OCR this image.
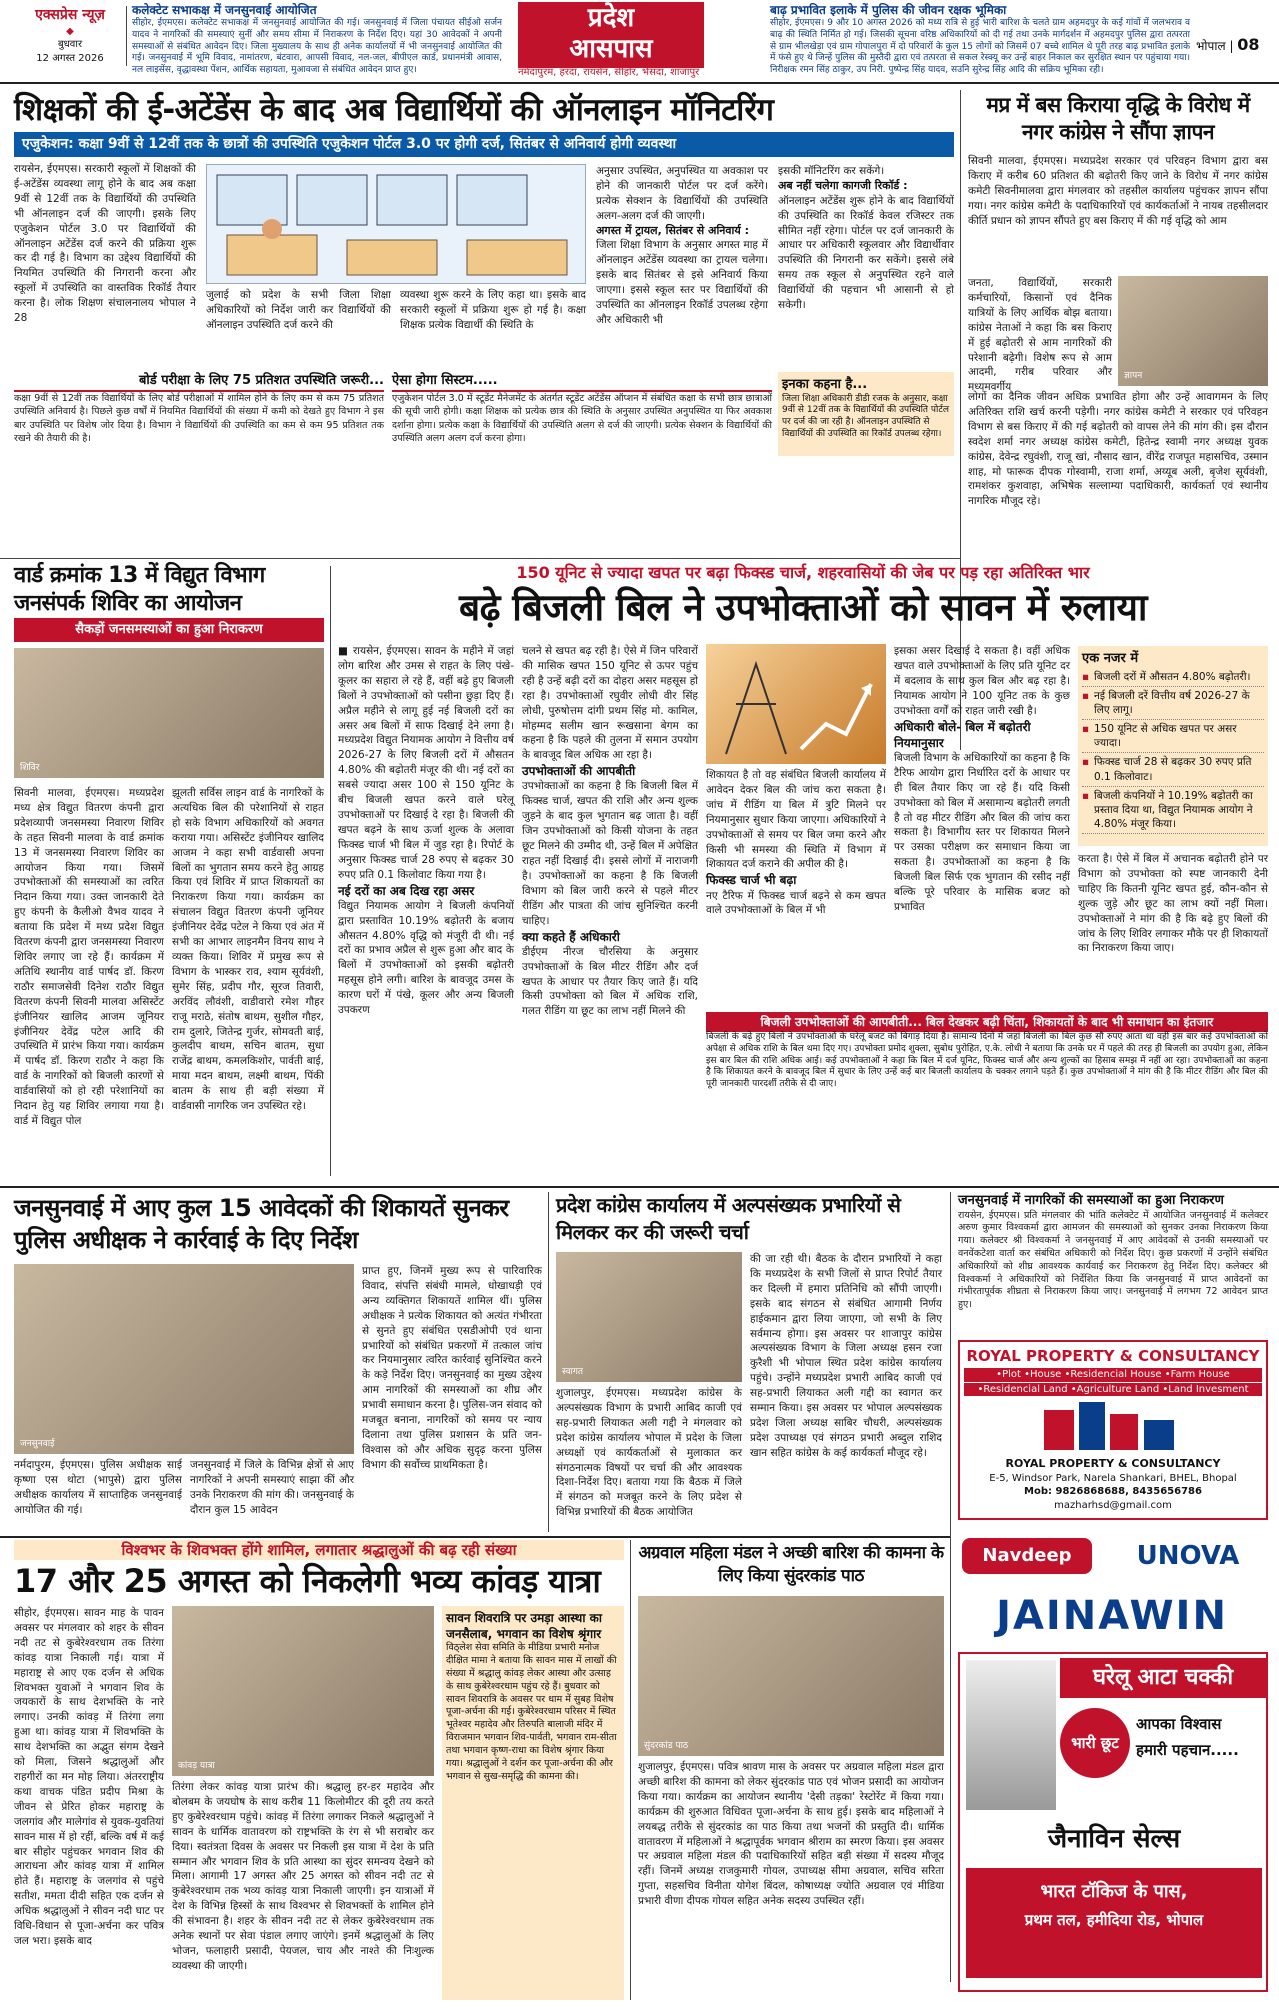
एक्सप्रेस न्यूज़
◆
बुधवार
12 अगस्त 2026
कलेक्टेट सभाकक्ष में जनसुनवाई आयोजित
सीहोर, ईएमएस। कलेक्टेट सभाकक्ष में जनसुनवाई आयोजित की गई। जनसुनवाई में जिला पंचायत सीईओ सर्जन यादव ने नागरिकों की समस्याएं सुनीं और समय सीमा में निराकरण के निर्देश दिए। यहां 30 आवेदकों ने अपनी समस्याओं से संबंधित आवेदन दिए। जिला मुख्यालय के साथ ही अनेक कार्यालयों में भी जनसुनवाई आयोजित की गई। जनसुनवाई में भूमि विवाद, नामांतरण, बंटवारा, आपसी विवाद, नल-जल, बीपीएल कार्ड, प्रधानमंत्री आवास, नल लाइसेंस, वृद्धावस्था पेंशन, आर्थिक सहायता, मुआवजा से संबंधित आवेदन प्राप्त हुए।
प्रदेश
आसपास
बाढ़ प्रभावित इलाके में पुलिस की जीवन रक्षक भूमिका
सीहोर, ईएमएस। 9 और 10 अगस्त 2026 को मध्य रात्रि से हुई भारी बारिश के चलते ग्राम अहमदपुर के कई गांवों में जलभराव व बाढ़ की स्थिति निर्मित हो गई। जिसकी सूचना वरिष्ठ अधिकारियों को दी गई तथा उनके मार्गदर्शन में अहमदपुर पुलिस द्वारा तत्परता से ग्राम भीलखेड़ा एवं ग्राम गोपालपुरा में दो परिवारों के कुल 15 लोगों को जिसमें 07 बच्चे शामिल थे पूरी तरह बाढ़ प्रभावित इलाके में फंसे हुए थे जिन्हें पुलिस की मुस्तैदी द्वारा एवं तत्परता से सकल रेस्क्यू कर उन्हें बाहर निकाल कर सुरक्षित स्थान पर पहुंचाया गया। निरीक्षक रमन सिंह ठाकुर, उप निरी. पुष्पेन्द्र सिंह यादव, सउनि सुरेन्द्र सिंह आदि की सक्रिय भूमिका रही।
भोपाल | 08
नर्मदापुरम, हरदा, रायसेन, सीहोर, भैसदा, शाजापुर
शिक्षकों की ई-अटेंडेंस के बाद अब विद्यार्थियों की ऑनलाइन मॉनिटरिंग
एजुकेशन: कक्षा 9वीं से 12वीं तक के छात्रों की उपस्थिति एजुकेशन पोर्टल 3.0 पर होगी दर्ज, सितंबर से अनिवार्य होगी व्यवस्था
रायसेन, ईएमएस। सरकारी स्कूलों में शिक्षकों की ई-अटेंडेंस व्यवस्था लागू होने के बाद अब कक्षा 9वीं से 12वीं तक के विद्यार्थियों की उपस्थिति भी ऑनलाइन दर्ज की जाएगी। इसके लिए एजुकेशन पोर्टल 3.0 पर विद्यार्थियों की ऑनलाइन अटेंडेंस दर्ज करने की प्रक्रिया शुरू कर दी गई है। विभाग का उद्देश्य विद्यार्थियों की नियमित उपस्थिति की निगरानी करना और स्कूलों में उपस्थिति का वास्तविक रिकॉर्ड तैयार करना है। लोक शिक्षण संचालनालय भोपाल ने 28
जुलाई को प्रदेश के सभी जिला शिक्षा अधिकारियों को निर्देश जारी कर विद्यार्थियों की ऑनलाइन उपस्थिति दर्ज करने की
व्यवस्था शुरू करने के लिए कहा था। इसके बाद सरकारी स्कूलों में प्रक्रिया शुरू हो गई है। कक्षा शिक्षक प्रत्येक विद्यार्थी की स्थिति के
अनुसार उपस्थित, अनुपस्थित या अवकाश पर होने की जानकारी पोर्टल पर दर्ज करेंगे। प्रत्येक सेक्शन के विद्यार्थियों की उपस्थिति अलग-अलग दर्ज की जाएगी।
अगस्त में ट्रायल, सितंबर से अनिवार्य :
जिला शिक्षा विभाग के अनुसार अगस्त माह में ऑनलाइन अटेंडेंस व्यवस्था का ट्रायल चलेगा। इसके बाद सितंबर से इसे अनिवार्य किया जाएगा। इससे स्कूल स्तर पर विद्यार्थियों की उपस्थिति का ऑनलाइन रिकॉर्ड उपलब्ध रहेगा और अधिकारी भी
इसकी मॉनिटरिंग कर सकेंगे।
अब नहीं चलेगा कागजी रिकॉर्ड :
ऑनलाइन अटेंडेंस शुरू होने के बाद विद्यार्थियों की उपस्थिति का रिकॉर्ड केवल रजिस्टर तक सीमित नहीं रहेगा। पोर्टल पर दर्ज जानकारी के आधार पर अधिकारी स्कूलवार और विद्यार्थीवार उपस्थिति की निगरानी कर सकेंगे। इससे लंबे समय तक स्कूल से अनुपस्थित रहने वाले विद्यार्थियों की पहचान भी आसानी से हो सकेगी।
बोर्ड परीक्षा के लिए 75 प्रतिशत उपस्थिति जरूरी...
कक्षा 9वीं से 12वीं तक विद्यार्थियों के लिए बोर्ड परीक्षाओं में शामिल होने के लिए कम से कम 75 प्रतिशत उपस्थिति अनिवार्य है। पिछले कुछ वर्षों में नियमित विद्यार्थियों की संख्या में कमी को देखते हुए विभाग ने इस बार उपस्थिति पर विशेष जोर दिया है। विभाग ने विद्यार्थियों की उपस्थिति का कम से कम 95 प्रतिशत तक रखने की तैयारी की है।
ऐसा होगा सिस्टम.....
एजुकेशन पोर्टल 3.0 में स्टूडेंट मैनेजमेंट के अंतर्गत स्टूडेंट अटेंडेंस ऑप्शन में संबंधित कक्षा के सभी छात्र छात्राओं की सूची जारी होगी। कक्षा शिक्षक को प्रत्येक छात्र की स्थिति के अनुसार उपस्थित अनुपस्थित या फिर अवकाश दर्शाना होगा। प्रत्येक कक्षा के विद्यार्थियों की उपस्थिति अलग से दर्ज की जाएगी। प्रत्येक सेक्शन के विद्यार्थियों की उपस्थिति अलग अलग दर्ज करना होगा।
इनका कहना है...
जिला शिक्षा अधिकारी डीडी रजक के अनुसार, कक्षा 9वीं से 12वीं तक के विद्यार्थियों की उपस्थिति पोर्टल पर दर्ज की जा रही है। ऑनलाइन उपस्थिति से विद्यार्थियों की उपस्थिति का रिकॉर्ड उपलब्ध रहेगा।
मप्र में बस किराया वृद्धि के विरोध में नगर कांग्रेस ने सौंपा ज्ञापन
सिवनी मालवा, ईएमएस। मध्यप्रदेश सरकार एवं परिवहन विभाग द्वारा बस किराए में करीब 60 प्रतिशत की बढ़ोतरी किए जाने के विरोध में नगर कांग्रेस कमेटी सिवनीमालवा द्वारा मंगलवार को तहसील कार्यालय पहुंचकर ज्ञापन सौंपा गया। नगर कांग्रेस कमेटी के पदाधिकारियों एवं कार्यकर्ताओं ने नायब तहसीलदार कीर्ति प्रधान को ज्ञापन सौंपते हुए बस किराए में की गई वृद्धि को आम
ज्ञापन
जनता, विद्यार्थियों, सरकारी कर्मचारियों, किसानों एवं दैनिक यात्रियों के लिए आर्थिक बोझ बताया। कांग्रेस नेताओं ने कहा कि बस किराए में हुई बढ़ोतरी से आम नागरिकों की परेशानी बढ़ेगी। विशेष रूप से आम आदमी, गरीब परिवार और मध्यमवर्गीय
लोगों का दैनिक जीवन अधिक प्रभावित होगा और उन्हें आवागमन के लिए अतिरिक्त राशि खर्च करनी पड़ेगी। नगर कांग्रेस कमेटी ने सरकार एवं परिवहन विभाग से बस किराए में की गई बढ़ोतरी को वापस लेने की मांग की। इस दौरान स्वदेश शर्मा नगर अध्यक्ष कांग्रेस कमेटी, हितेन्द्र स्वामी नगर अध्यक्ष युवक कांग्रेस, देवेन्द्र रघुवंशी, राजू खां, नौसाद खान, वीरेंद्र राजपूत महासचिव, उस्मान शाह, मो फारूक दीपक गोस्वामी, राजा शर्मा, अय्यूब अली, बृजेश सूर्यवंशी, रामशंकर कुशवाहा, अभिषेक सल्लाम्या पदाधिकारी, कार्यकर्ता एवं स्थानीय नागरिक मौजूद रहे।
वार्ड क्रमांक 13 में विद्युत विभाग
जनसंपर्क शिविर का आयोजन
सैकड़ों जनसमस्याओं का हुआ निराकरण
शिविर
सिवनी मालवा, ईएमएस। मध्यप्रदेश मध्य क्षेत्र विद्युत वितरण कंपनी द्वारा प्रदेशव्यापी जनसमस्या निवारण शिविर के तहत सिवनी मालवा के वार्ड क्रमांक 13 में जनसमस्या निवारण शिविर का आयोजन किया गया। जिसमें उपभोक्ताओं की समस्याओं का त्वरित निदान किया गया। उक्त जानकारी देते हुए कंपनी के कैलीओ वैभव यादव ने बताया कि प्रदेश में मध्य प्रदेश विद्युत वितरण कंपनी द्वारा जनसमस्या निवारण शिविर लगाए जा रहे हैं। कार्यक्रम में अतिथि स्थानीय वार्ड पार्षद डॉ. किरण राठौर समाजसेवी दिनेश राठौर विद्युत वितरण कंपनी सिवनी मालवा असिस्टेंट इंजीनियर खालिद आजम जूनियर इंजीनियर देवेंद्र पटेल आदि की उपस्थिति में प्रारंभ किया गया। कार्यक्रम में पार्षद डॉ. किरण राठौर ने कहा कि वार्ड के नागरिकों को बिजली कारणों से वार्डवासियों को हो रही परेशानियों का निदान हेतु यह शिविर लगाया गया है। वार्ड में विद्युत पोल
झूलती सर्विस लाइन वार्ड के नागरिकों के अत्यधिक बिल की परेशानियों से राहत हो सके विभाग अधिकारियों को अवगत कराया गया। असिस्टेंट इंजीनियर खालिद आजम ने कहा सभी वार्डवासी अपना बिलों का भुगतान समय करने हेतु आग्रह किया एवं शिविर में प्राप्त शिकायतों का निराकरण किया गया। कार्यक्रम का संचालन विद्युत वितरण कंपनी जूनियर इंजीनियर देवेंद्र पटेल ने किया एवं अंत में सभी का आभार लाइनमैन विनय साथ ने व्यक्त किया। शिविर में प्रमुख रूप से विभाग के भास्कर राव, श्याम सूर्यवंशी, सुमेर सिंह, प्रदीप गौर, सूरज तिवारी, अरविंद लौवंशी, वाडीवारो रमेश गौहर राजू मराठे, संतोष बाथम, सुशील गौहर, राम दुलारे, जितेन्द्र गुर्जर, सोमवती बाई, कुलदीप बाथम, सचिन बातम, सुधा राजेंद्र बाथम, कमलकिशोर, पार्वती बाई, माया मदन बाथम, लक्ष्मी बाथम, पिंकी बातम के साथ ही बड़ी संख्या में वार्डवासी नागरिक जन उपस्थित रहे।
150 यूनिट से ज्यादा खपत पर बढ़ा फिक्स्ड चार्ज, शहरवासियों की जेब पर पड़ रहा अतिरिक्त भार
बढ़े बिजली बिल ने उपभोक्ताओं को सावन में रुलाया
■ रायसेन, ईएमएस। सावन के महीने में जहां लोग बारिश और उमस से राहत के लिए पंखे-कूलर का सहारा ले रहे हैं, वहीं बढ़े हुए बिजली बिलों ने उपभोक्ताओं को पसीना छुड़ा दिए हैं। अप्रैल महीने से लागू हुई नई बिजली दरों का असर अब बिलों में साफ दिखाई देने लगा है। मध्यप्रदेश विद्युत नियामक आयोग ने वित्तीय वर्ष 2026-27 के लिए बिजली दरों में औसतन 4.80% की बढ़ोतरी मंजूर की थी। नई दरों का सबसे ज्यादा असर 100 से 150 यूनिट के बीच बिजली खपत करने वाले घरेलू उपभोक्ताओं पर दिखाई दे रहा है। बिजली की खपत बढ़ने के साथ ऊर्जा शुल्क के अलावा फिक्स्ड चार्ज भी बिल में जुड़ रहा है। रिपोर्ट के अनुसार फिक्स्ड चार्ज 28 रुपए से बढ़कर 30 रुपए प्रति 0.1 किलोवाट किया गया है।
नई दरों का अब दिख रहा असर
विद्युत नियामक आयोग ने बिजली कंपनियों द्वारा प्रस्तावित 10.19% बढ़ोतरी के बजाय औसतन 4.80% वृद्धि को मंजूरी दी थी। नई दरों का प्रभाव अप्रैल से शुरू हुआ और बाद के बिलों में उपभोक्ताओं को इसकी बढ़ोतरी महसूस होने लगी। बारिश के बावजूद उमस के कारण घरों में पंखे, कूलर और अन्य बिजली उपकरण
चलने से खपत बढ़ रही है। ऐसे में जिन परिवारों की मासिक खपत 150 यूनिट से ऊपर पहुंच रही है उन्हें बढ़ी दरों का दोहरा असर महसूस हो रहा है। उपभोक्ताओं रघुवीर लोधी वीर सिंह लोधी, पुरुषोत्तम दांगी प्रथम सिंह मो. कामिल, मोहम्मद सलीम खान रूखसाना बेगम का कहना है कि पहले की तुलना में समान उपयोग के बावजूद बिल अधिक आ रहा है।
उपभोक्ताओं की आपबीती
उपभोक्ताओं का कहना है कि बिजली बिल में फिक्स्ड चार्ज, खपत की राशि और अन्य शुल्क जुड़ने के बाद कुल भुगतान बढ़ जाता है। वहीं जिन उपभोक्ताओं को किसी योजना के तहत छूट मिलने की उम्मीद थी, उन्हें बिल में अपेक्षित राहत नहीं दिखाई दी। इससे लोगों में नाराजगी है। उपभोक्ताओं का कहना है कि बिजली विभाग को बिल जारी करने से पहले मीटर रीडिंग और पात्रता की जांच सुनिश्चित करनी चाहिए।
क्या कहते हैं अधिकारी
डीईएम नीरज चौरसिया के अनुसार उपभोक्ताओं के बिल मीटर रीडिंग और दर्ज खपत के आधार पर तैयार किए जाते हैं। यदि किसी उपभोक्ता को बिल में अधिक राशि, गलत रीडिंग या छूट का लाभ नहीं मिलने की
शिकायत है तो वह संबंधित बिजली कार्यालय में आवेदन देकर बिल की जांच करा सकता है। जांच में रीडिंग या बिल में त्रुटि मिलने पर नियमानुसार सुधार किया जाएगा। अधिकारियों ने उपभोक्ताओं से समय पर बिल जमा करने और किसी भी समस्या की स्थिति में विभाग में शिकायत दर्ज कराने की अपील की है।
फिक्स्ड चार्ज भी बढ़ा
नए टैरिफ में फिक्स्ड चार्ज बढ़ने से कम खपत वाले उपभोक्ताओं के बिल में भी
इसका असर दिखाई दे सकता है। वहीं अधिक खपत वाले उपभोक्ताओं के लिए प्रति यूनिट दर में बदलाव के साथ कुल बिल और बढ़ रहा है। नियामक आयोग ने 100 यूनिट तक के कुछ उपभोक्ता वर्गों को राहत जारी रखी है।
अधिकारी बोले- बिल में बढ़ोतरी नियमानुसार
बिजली विभाग के अधिकारियों का कहना है कि टैरिफ आयोग द्वारा निर्धारित दरों के आधार पर ही बिल तैयार किए जा रहे हैं। यदि किसी उपभोक्ता को बिल में असामान्य बढ़ोतरी लगती है तो वह मीटर रीडिंग और बिल की जांच करा सकता है। विभागीय स्तर पर शिकायत मिलने पर उसका परीक्षण कर समाधान किया जा सकता है। उपभोक्ताओं का कहना है कि बिजली बिल सिर्फ एक भुगतान की रसीद नहीं बल्कि पूरे परिवार के मासिक बजट को प्रभावित
एक नजर में
▪ बिजली दरों में औसतन 4.80% बढ़ोतरी।
▪ नई बिजली दरें वित्तीय वर्ष 2026-27 के लिए लागू।
▪ 150 यूनिट से अधिक खपत पर असर ज्यादा।
▪ फिक्स्ड चार्ज 28 से बढ़कर 30 रुपए प्रति 0.1 किलोवाट।
▪ बिजली कंपनियों ने 10.19% बढ़ोतरी का प्रस्ताव दिया था, विद्युत नियामक आयोग ने 4.80% मंजूर किया।
करता है। ऐसे में बिल में अचानक बढ़ोतरी होने पर विभाग को उपभोक्ता को स्पष्ट जानकारी देनी चाहिए कि कितनी यूनिट खपत हुई, कौन-कौन से शुल्क जुड़े और छूट का लाभ क्यों नहीं मिला। उपभोक्ताओं ने मांग की है कि बढ़े हुए बिलों की जांच के लिए शिविर लगाकर मौके पर ही शिकायतों का निराकरण किया जाए।
बिजली उपभोक्ताओं की आपबीती... बिल देखकर बढ़ी चिंता, शिकायतों के बाद भी समाधान का इंतजार
बिजली के बढ़े हुए बिलों ने उपभोक्ताओं के घरेलू बजट को बिगाड़ दिया है। सामान्य दिनों में जहां बिजली का बिल कुछ सौ रुपए आता था वहीं इस बार कई उपभोक्ताओं को अपेक्षा से अधिक राशि के बिल थमा दिए गए। उपभोक्ता प्रमोद शुक्ला, सुबोध पुरोहित, ए.के. लोधी ने बताया कि उनके घर में पहले की तरह ही बिजली का उपयोग हुआ, लेकिन इस बार बिल की राशि अधिक आई। कई उपभोक्ताओं ने कहा कि बिल में दर्ज यूनिट, फिक्स्ड चार्ज और अन्य शुल्कों का हिसाब समझ में नहीं आ रहा। उपभोक्ताओं का कहना है कि शिकायत करने के बावजूद बिल में सुधार के लिए उन्हें कई बार बिजली कार्यालय के चक्कर लगाने पड़ते हैं। कुछ उपभोक्ताओं ने मांग की है कि मीटर रीडिंग और बिल की पूरी जानकारी पारदर्शी तरीके से दी जाए।
जनसुनवाई में आए कुल 15 आवेदकों की शिकायतें सुनकर पुलिस अधीक्षक ने कार्रवाई के दिए निर्देश
जनसुनवाई
नर्मदापुरम, ईएमएस। पुलिस अधीक्षक साई कृष्णा एस थोटा (भापुसे) द्वारा पुलिस अधीक्षक कार्यालय में साप्ताहिक जनसुनवाई आयोजित की गई।
जनसुनवाई में जिले के विभिन्न क्षेत्रों से आए नागरिकों ने अपनी समस्याएं साझा कीं और उनके निराकरण की मांग की। जनसुनवाई के दौरान कुल 15 आवेदन
प्राप्त हुए, जिनमें मुख्य रूप से पारिवारिक विवाद, संपत्ति संबंधी मामले, धोखाधड़ी एवं अन्य व्यक्तिगत शिकायतें शामिल थीं। पुलिस अधीक्षक ने प्रत्येक शिकायत को अत्यंत गंभीरता से सुनते हुए संबंधित एसडीओपी एवं थाना प्रभारियों को संबंधित प्रकरणों में तत्काल जांच कर नियमानुसार त्वरित कार्रवाई सुनिश्चित करने के कड़े निर्देश दिए। जनसुनवाई का मुख्य उद्देश्य आम नागरिकों की समस्याओं का शीघ्र और प्रभावी समाधान करना है। पुलिस-जन संवाद को मजबूत बनाना, नागरिकों को समय पर न्याय दिलाना तथा पुलिस प्रशासन के प्रति जन-विश्वास को और अधिक सुदृढ़ करना पुलिस विभाग की सर्वोच्च प्राथमिकता है।
प्रदेश कांग्रेस कार्यालय में अल्पसंख्यक प्रभारियों से मिलकर कर की जरूरी चर्चा
स्वागत
शुजालपुर, ईएमएस। मध्यप्रदेश कांग्रेस के अल्पसंख्यक विभाग के प्रभारी आबिद काजी एवं सह-प्रभारी लियाकत अली गद्दी ने मंगलवार को प्रदेश कांग्रेस कार्यालय भोपाल में प्रदेश के जिला अध्यक्षों एवं कार्यकर्ताओं से मुलाकात कर संगठनात्मक विषयों पर चर्चा की और आवश्यक दिशा-निर्देश दिए। बताया गया कि बैठक में जिले में संगठन को मजबूत करने के लिए प्रदेश से विभिन्न प्रभारियों की बैठक आयोजित
की जा रही थी। बैठक के दौरान प्रभारियों ने कहा कि मध्यप्रदेश के सभी जिलों से प्राप्त रिपोर्ट तैयार कर दिल्ली में हमारा प्रतिनिधि को सौंपी जाएगी। इसके बाद संगठन से संबंधित आगामी निर्णय हाईकमान द्वारा लिया जाएगा, जो सभी के लिए सर्वमान्य होगा। इस अवसर पर शाजापुर कांग्रेस अल्पसंख्यक विभाग के जिला अध्यक्ष हसन रजा कुरैशी भी भोपाल स्थित प्रदेश कांग्रेस कार्यालय पहुंचे। उन्होंने मध्यप्रदेश प्रभारी आबिद काजी एवं सह-प्रभारी लियाकत अली गद्दी का स्वागत कर सम्मान किया। इस अवसर पर भोपाल अल्पसंख्यक प्रदेश जिला अध्यक्ष साबिर चौधरी, अल्पसंख्यक प्रदेश उपाध्यक्ष एवं संगठन प्रभारी अब्दुल राशिद खान सहित कांग्रेस के कई कार्यकर्ता मौजूद रहे।
जनसुनवाई में नागरिकों की समस्याओं का हुआ निराकरण
रायसेन, ईएमएस। प्रति मंगलवार की भांति कलेक्टेट में आयोजित जनसुनवाई में कलेक्टर अरुण कुमार विश्वकर्मा द्वारा आमजन की समस्याओं को सुनकर उनका निराकरण किया गया। कलेक्टर श्री विश्वकर्मा ने जनसुनवाई में आए आवेदकों से उनकी समस्याओं पर वनवेंकटेशा वार्ता कर संबंधित अधिकारी को निर्देश दिए। कुछ प्रकरणों में उन्होंने संबंधित अधिकारियों को शीघ्र आवश्यक कार्यवाई कर निराकरण हेतु निर्देश दिए। कलेक्टर श्री विश्वकर्मा ने अधिकारियों को निर्देशित किया कि जनसुनवाई में प्राप्त आवेदनों का गंभीरतापूर्वक शीघ्रता से निराकरण किया जाए। जनसुनवाई में लगभग 72 आवेदन प्राप्त हुए।
ROYAL PROPERTY & CONSULTANCY
•Plot •House •Residencial House •Farm House
•Residencial Land •Agriculture Land •Land Invesment
ROYAL PROPERTY & CONSULTANCY
E-5, Windsor Park, Narela Shankari, BHEL, Bhopal
Mob: 9826868688, 8435656786
mazharhsd@gmail.com
विश्वभर के शिवभक्त होंगे शामिल, लगातार श्रद्धालुओं की बढ़ रही संख्या
17 और 25 अगस्त को निकलेगी भव्य कांवड़ यात्रा
सीहोर, ईएमएस। सावन माह के पावन अवसर पर मंगलवार को शहर के सीवन नदी तट से कुबेरेश्वरधाम तक तिरंगा कांवड़ यात्रा निकाली गई। यात्रा में महाराष्ट्र से आए एक दर्जन से अधिक शिवभक्त युवाओं ने भगवान शिव के जयकारों के साथ देशभक्ति के नारे लगाए। उनकी कांवड़ में तिरंगा लगा हुआ था। कांवड़ यात्रा में शिवभक्ति के साथ देशभक्ति का अद्भुत संगम देखने को मिला, जिसने श्रद्धालुओं और राहगीरों का मन मोह लिया। अंतरराष्ट्रीय कथा वाचक पंडित प्रदीप मिश्रा के जीवन से प्रेरित होकर महाराष्ट्र के जलगांव और मालेगांव से युवक-युवतियां सावन मास में हो रहीं, बल्कि वर्ष में कई बार सीहोर पहुंचकर भगवान शिव की आराधना और कांवड़ यात्रा में शामिल होते हैं। महाराष्ट्र के जलगांव से पहुंचे सतीश, ममता दीदी सहित एक दर्जन से अधिक श्रद्धालुओं ने सीवन नदी घाट पर विधि-विधान से पूजा-अर्चना कर पवित्र जल भरा। इसके बाद
कांवड़ यात्रा
तिरंगा लेकर कांवड़ यात्रा प्रारंभ की। श्रद्धालु हर-हर महादेव और बोलबम के जयघोष के साथ करीब 11 किलोमीटर की दूरी तय करते हुए कुबेरेश्वरधाम पहुंचे। कांवड़ में तिरंगा लगाकर निकले श्रद्धालुओं ने सावन के धार्मिक वातावरण को राष्ट्रभक्ति के रंग से भी सराबोर कर दिया। स्वतंत्रता दिवस के अवसर पर निकली इस यात्रा में देश के प्रति सम्मान और भगवान शिव के प्रति आस्था का सुंदर समन्वय देखने को मिला। आगामी 17 अगस्त और 25 अगस्त को सीवन नदी तट से कुबेरेश्वरधाम तक भव्य कांवड़ यात्रा निकाली जाएगी। इन यात्राओं में देश के विभिन्न हिस्सों के साथ विश्वभर से शिवभक्तों के शामिल होने की संभावना है। शहर के सीवन नदी तट से लेकर कुबेरेश्वरधाम तक अनेक स्थानों पर सेवा पंडाल लगाए जाएंगे। इनमें श्रद्धालुओं के लिए भोजन, फलाहारी प्रसादी, पेयजल, चाय और नाश्ते की निःशुल्क व्यवस्था की जाएगी।
सावन शिवरात्रि पर उमड़ा आस्था का जनसैलाब, भगवान का विशेष श्रृंगार
विठ्लेश सेवा समिति के मीडिया प्रभारी मनोज दीक्षित मामा ने बताया कि सावन मास में लाखों की संख्या में श्रद्धालु कांवड़ लेकर आस्था और उत्साह के साथ कुबेरेश्वरधाम पहुंच रहे हैं। बुधवार को सावन शिवरात्रि के अवसर पर धाम में सुबह विशेष पूजा-अर्चना की गई। कुबेरेश्वरधाम परिसर में स्थित भूतेश्वर महादेव और तिरुपति बालाजी मंदिर में विराजमान भगवान शिव-पार्वती, भगवान राम-सीता तथा भगवान कृष्ण-राधा का विशेष श्रृंगार किया गया। श्रद्धालुओं ने दर्शन कर पूजा-अर्चना की और भगवान से सुख-समृद्धि की कामना की।
अग्रवाल महिला मंडल ने अच्छी बारिश की कामना के लिए किया सुंदरकांड पाठ
सुंदरकांड पाठ
शुजालपुर, ईएमएस। पवित्र श्रावण मास के अवसर पर अग्रवाल महिला मंडल द्वारा अच्छी बारिश की कामना को लेकर सुंदरकांड पाठ एवं भोजन प्रसादी का आयोजन किया गया। कार्यक्रम का आयोजन स्थानीय 'देसी तड़का' रेस्टोरेंट में किया गया। कार्यक्रम की शुरुआत विधिवत पूजा-अर्चना के साथ हुई। इसके बाद महिलाओं ने लयबद्ध तरीके से सुंदरकांड का पाठ किया तथा भजनों की प्रस्तुति दी। धार्मिक वातावरण में महिलाओं ने श्रद्धापूर्वक भगवान श्रीराम का स्मरण किया। इस अवसर पर अग्रवाल महिला मंडल की पदाधिकारियों सहित बड़ी संख्या में सदस्य मौजूद रहीं। जिनमें अध्यक्ष राजकुमारी गोयल, उपाध्यक्ष सीमा अग्रवाल, सचिव सरिता गुप्ता, सहसचिव विनीता योगेश बिंदल, कोषाध्यक्ष ज्योति अग्रवाल एवं मीडिया प्रभारी वीणा दीपक गोयल सहित अनेक सदस्य उपस्थित रहीं।
Navdeep	UNOVA
JAINAWIN
घरेलू आटा चक्की
भारी छूट
आपका विश्वास
हमारी पहचान.....
जैनाविन सेल्स
भारत टॉकिज के पास,
प्रथम तल, हमीदिया रोड, भोपाल
